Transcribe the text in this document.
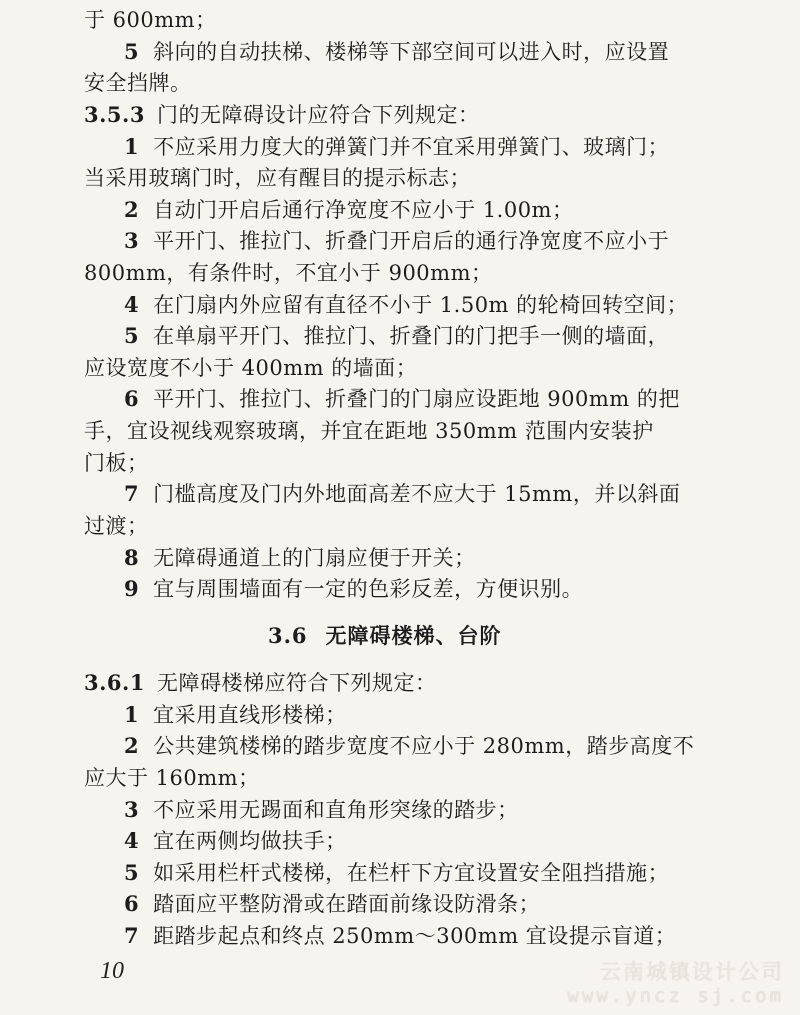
于 600mm；
5 斜向的自动扶梯、楼梯等下部空间可以进入时，应设置
安全挡牌。
3.5.3 门的无障碍设计应符合下列规定：
1 不应采用力度大的弹簧门并不宜采用弹簧门、玻璃门；
当采用玻璃门时，应有醒目的提示标志；
2 自动门开启后通行净宽度不应小于 1.00m；
3 平开门、推拉门、折叠门开启后的通行净宽度不应小于
800mm，有条件时，不宜小于 900mm；
4 在门扇内外应留有直径不小于 1.50m 的轮椅回转空间；
5 在单扇平开门、推拉门、折叠门的门把手一侧的墙面，
应设宽度不小于 400mm 的墙面；
6 平开门、推拉门、折叠门的门扇应设距地 900mm 的把
手，宜设视线观察玻璃，并宜在距地 350mm 范围内安装护
门板；
7 门槛高度及门内外地面高差不应大于 15mm，并以斜面
过渡；
8 无障碍通道上的门扇应便于开关；
9 宜与周围墙面有一定的色彩反差，方便识别。
3.6 无障碍楼梯、台阶
3.6.1 无障碍楼梯应符合下列规定：
1 宜采用直线形楼梯；
2 公共建筑楼梯的踏步宽度不应小于 280mm，踏步高度不
应大于 160mm；
3 不应采用无踢面和直角形突缘的踏步；
4 宜在两侧均做扶手；
5 如采用栏杆式楼梯，在栏杆下方宜设置安全阻挡措施；
6 踏面应平整防滑或在踏面前缘设防滑条；
7 距踏步起点和终点 250mm～300mm 宜设提示盲道；
10	云南城镇设计公司
www.yncz sj.com
